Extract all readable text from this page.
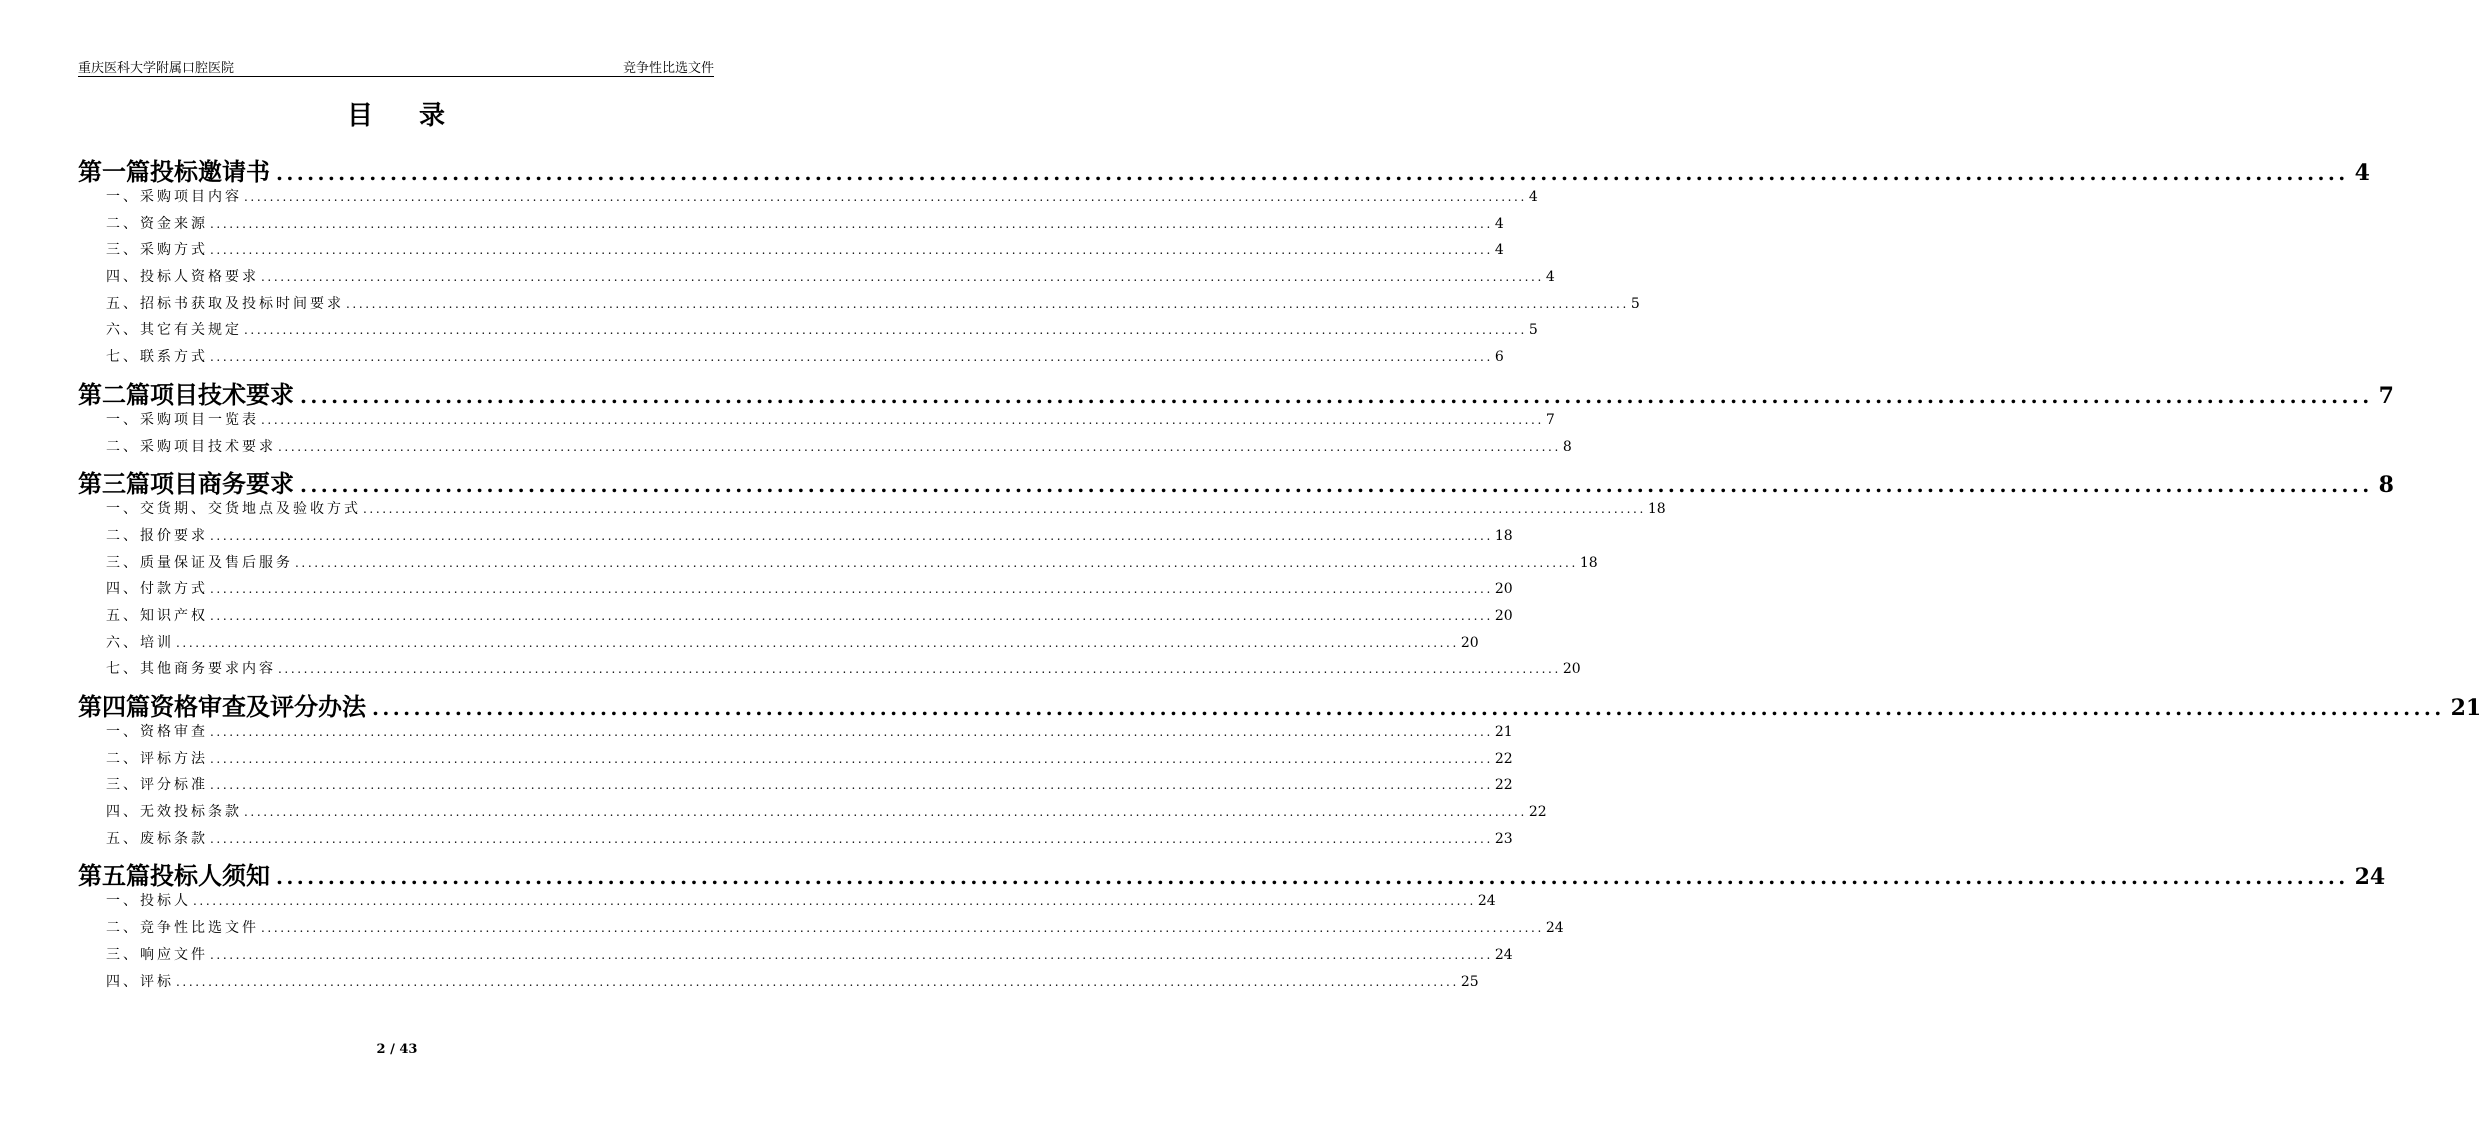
重庆医科大学附属口腔医院	竞争性比选文件
目 录
第一篇投标邀请书 ........................................................................................................................................................................................................ 4
一、采购项目内容 ........................................................................................................................................................................................................ 4
二、资金来源 ........................................................................................................................................................................................................ 4
三、采购方式 ........................................................................................................................................................................................................ 4
四、投标人资格要求 ........................................................................................................................................................................................................ 4
五、招标书获取及投标时间要求 ........................................................................................................................................................................................................ 5
六、其它有关规定 ........................................................................................................................................................................................................ 5
七、联系方式 ........................................................................................................................................................................................................ 6
第二篇项目技术要求 ........................................................................................................................................................................................................ 7
一、采购项目一览表 ........................................................................................................................................................................................................ 7
二、采购项目技术要求 ........................................................................................................................................................................................................ 8
第三篇项目商务要求 ........................................................................................................................................................................................................ 8
一、交货期、交货地点及验收方式 ........................................................................................................................................................................................................ 18
二、报价要求 ........................................................................................................................................................................................................ 18
三、质量保证及售后服务 ........................................................................................................................................................................................................ 18
四、付款方式 ........................................................................................................................................................................................................ 20
五、知识产权 ........................................................................................................................................................................................................ 20
六、培训 ........................................................................................................................................................................................................ 20
七、其他商务要求内容 ........................................................................................................................................................................................................ 20
第四篇资格审查及评分办法 ........................................................................................................................................................................................................ 21
一、资格审查 ........................................................................................................................................................................................................ 21
二、评标方法 ........................................................................................................................................................................................................ 22
三、评分标准 ........................................................................................................................................................................................................ 22
四、无效投标条款 ........................................................................................................................................................................................................ 22
五、废标条款 ........................................................................................................................................................................................................ 23
第五篇投标人须知 ........................................................................................................................................................................................................ 24
一、投标人 ........................................................................................................................................................................................................ 24
二、竞争性比选文件 ........................................................................................................................................................................................................ 24
三、响应文件 ........................................................................................................................................................................................................ 24
四、评标 ........................................................................................................................................................................................................ 25
2 / 43
